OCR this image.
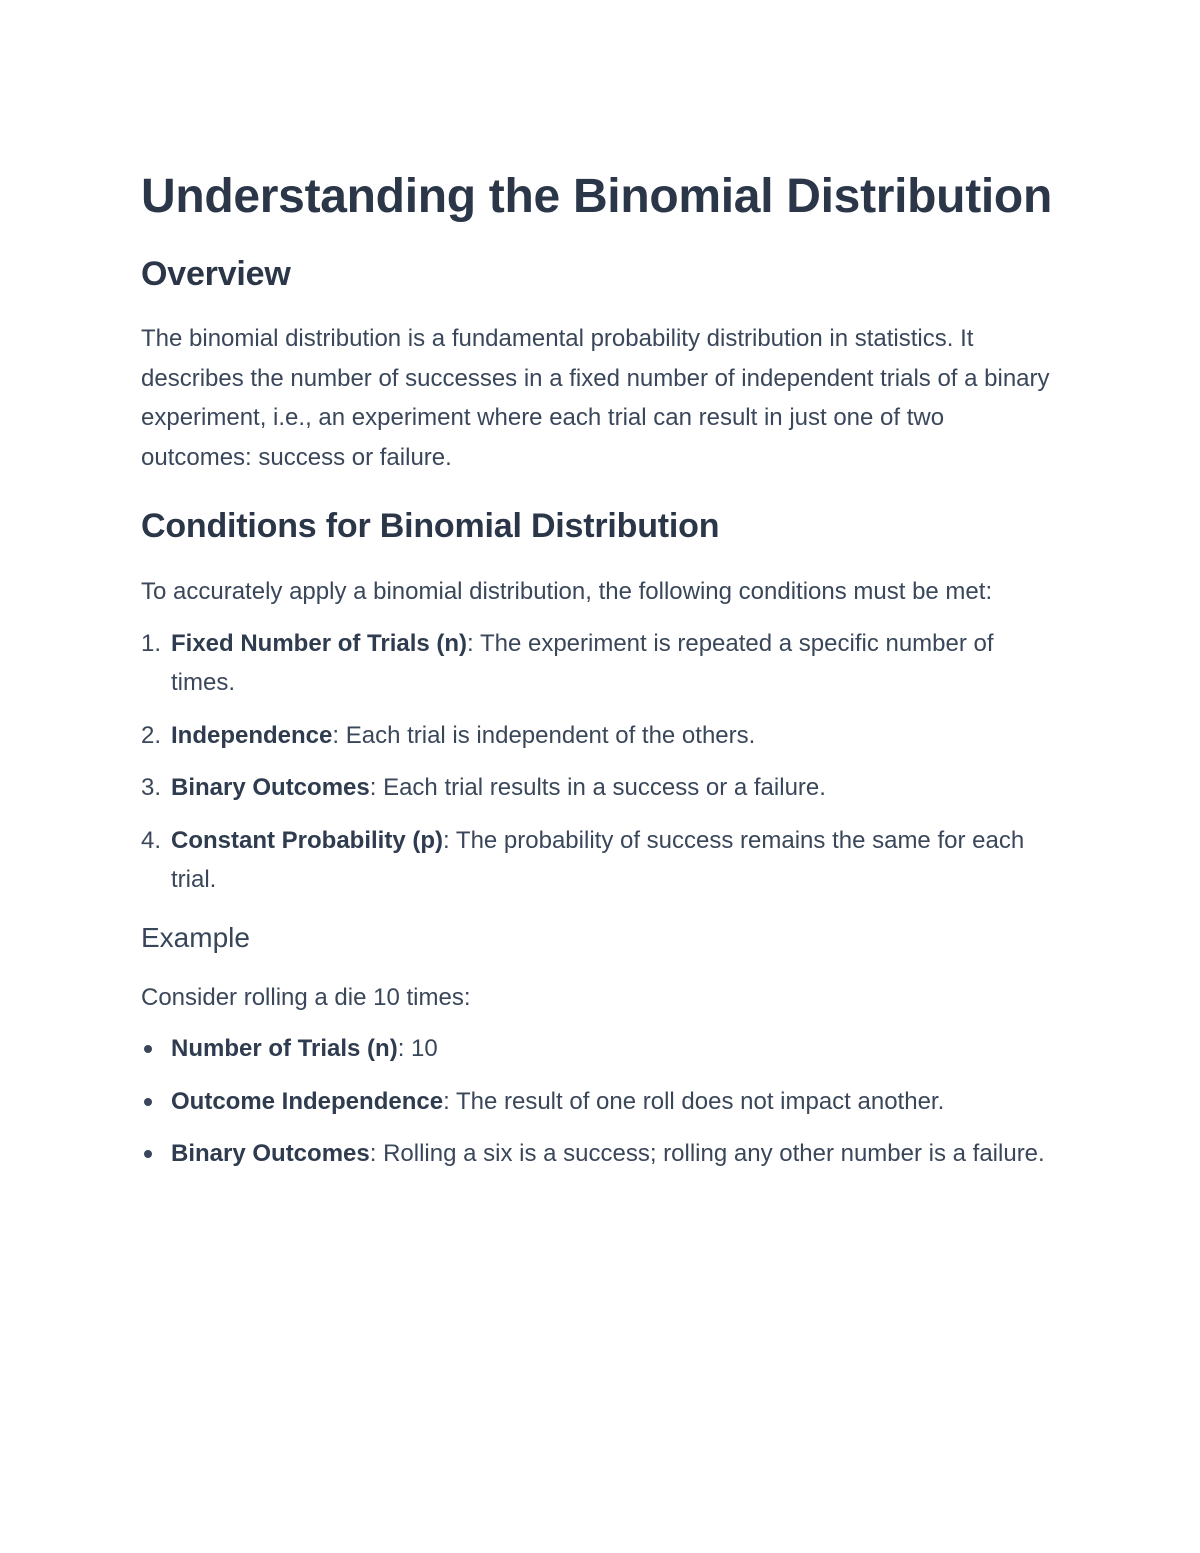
Understanding the Binomial Distribution
Overview

The binomial distribution is a fundamental probability distribution in statistics. It describes the number of successes in a fixed number of independent trials of a binary experiment, i.e., an experiment where each trial can result in just one of two outcomes: success or failure.

Conditions for Binomial Distribution

To accurately apply a binomial distribution, the following conditions must be met:

1. Fixed Number of Trials (n): The experiment is repeated a specific number of times.
2. Independence: Each trial is independent of the others.
3. Binary Outcomes: Each trial results in a success or a failure.
4. Constant Probability (p): The probability of success remains the same for each trial.
Example

Consider rolling a die 10 times:

Number of Trials (n): 10
Outcome Independence: The result of one roll does not impact another.
Binary Outcomes: Rolling a six is a success; rolling any other number is a failure.
